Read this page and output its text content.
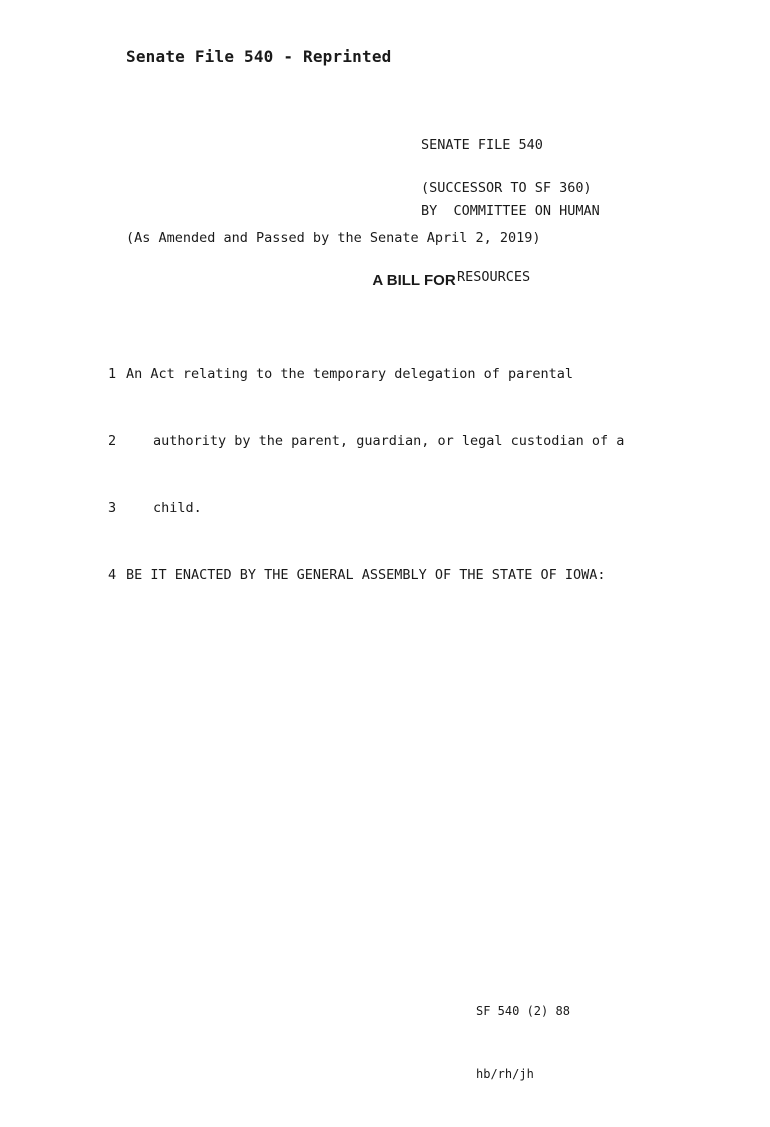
Senate File 540 - Reprinted

SENATE FILE 540

BY  COMMITTEE ON HUMAN

RESOURCES

(SUCCESSOR TO SF 360)
(As Amended and Passed by the Senate April 2, 2019)
A BILL FOR

1 An Act relating to the temporary delegation of parental

2	authority by the parent, guardian, or legal custodian of a

3	child.

4 BE IT ENACTED BY THE GENERAL ASSEMBLY OF THE STATE OF IOWA:

SF 540 (2) 88

hb/rh/jh
